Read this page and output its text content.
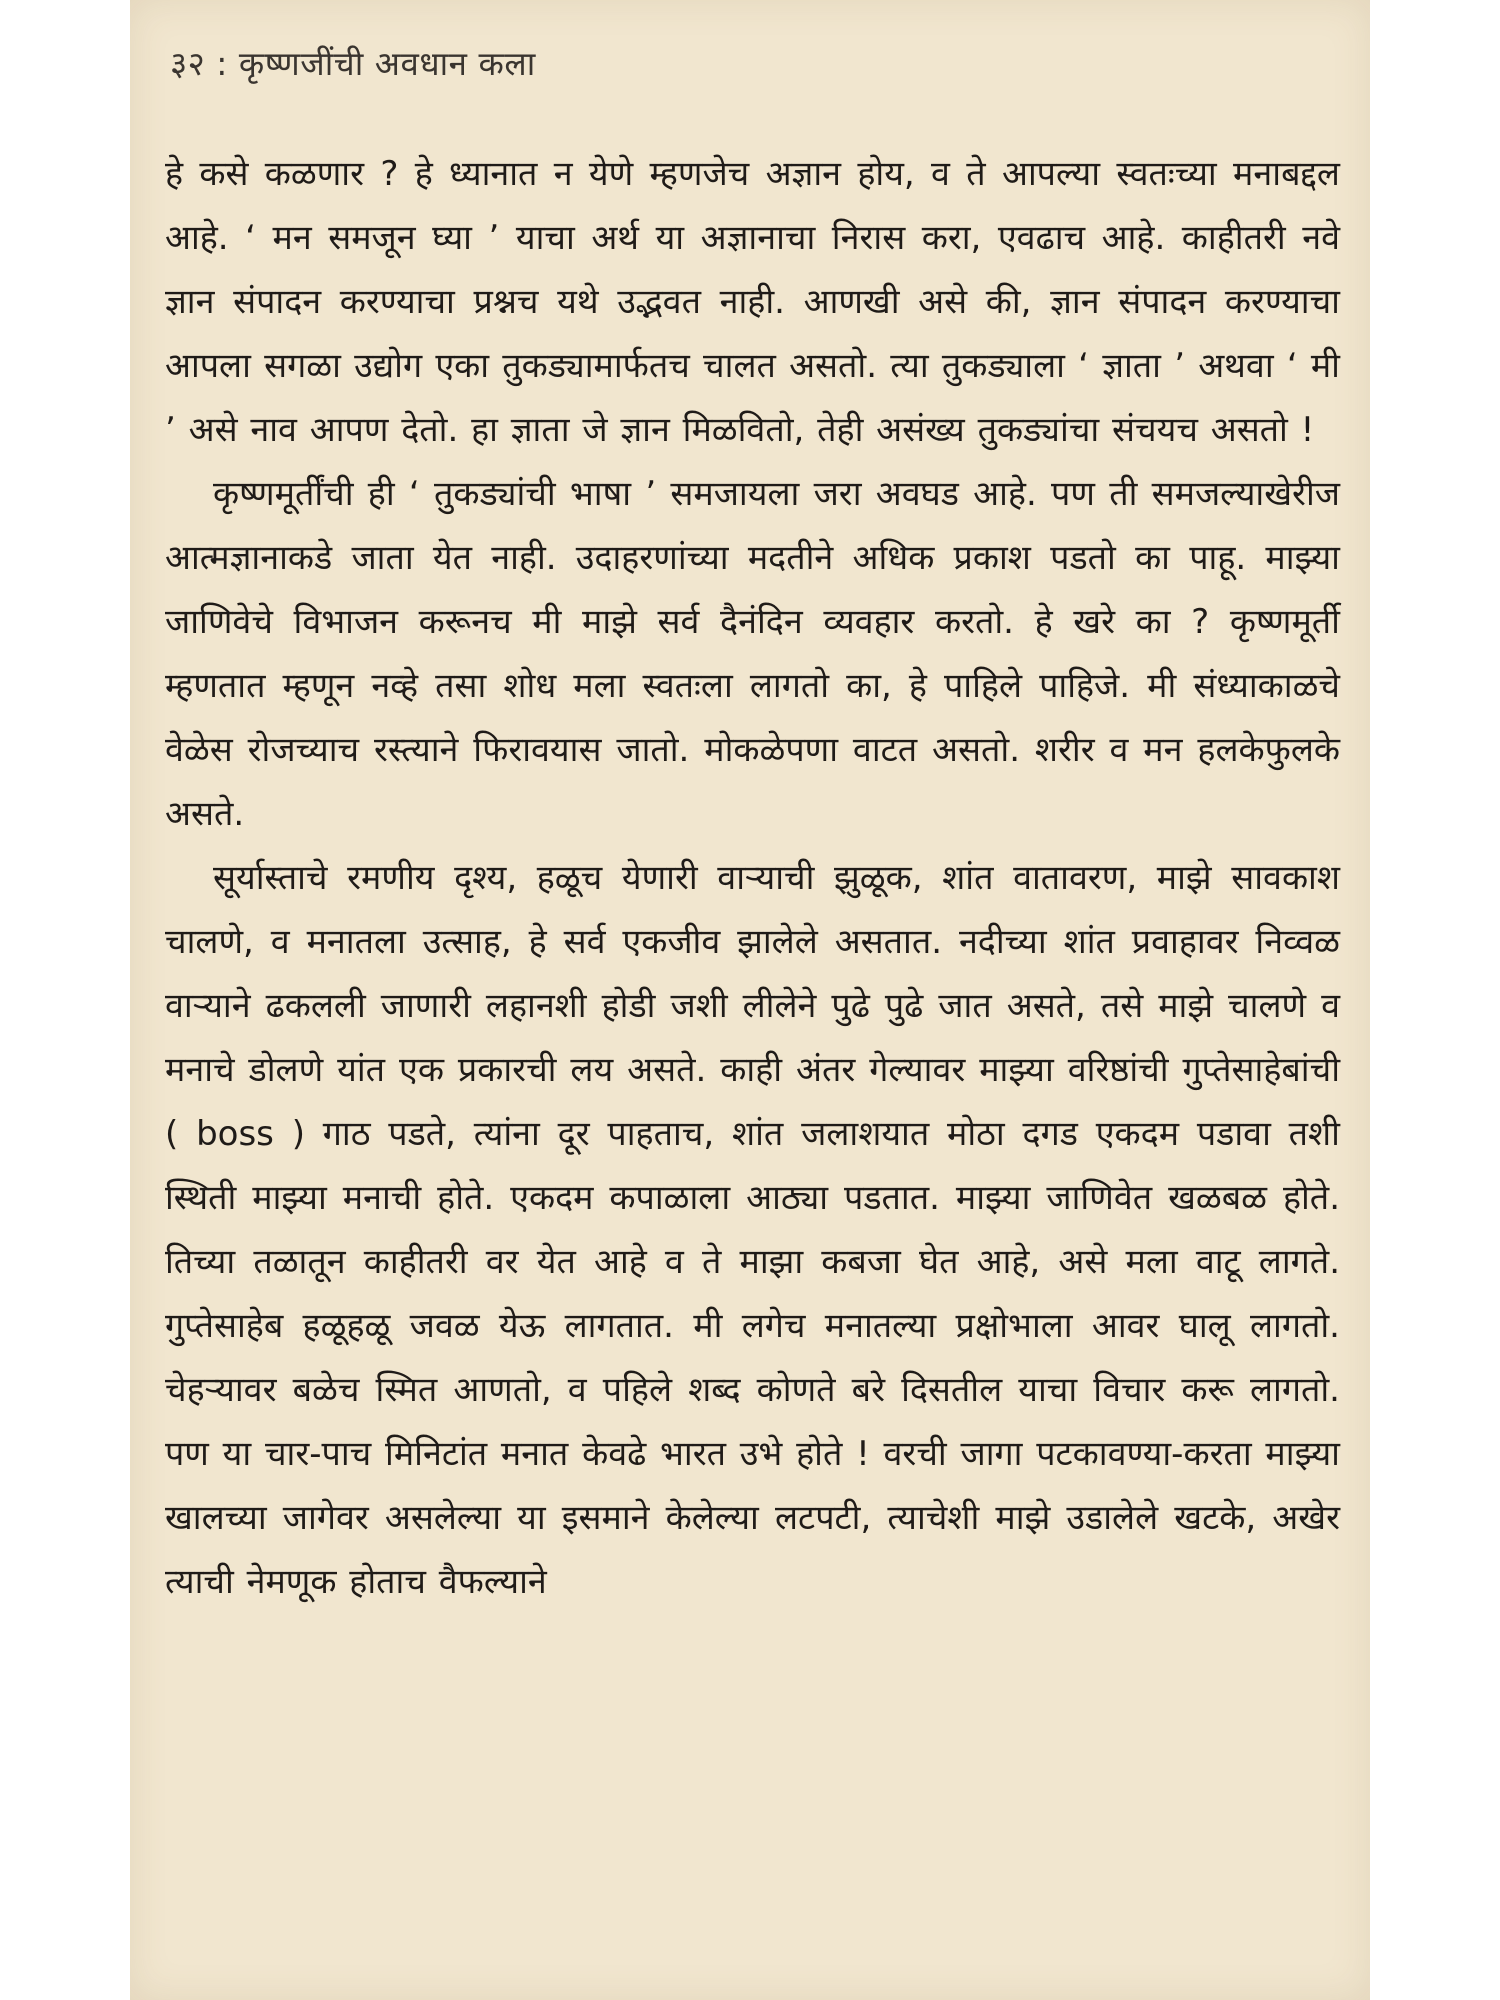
३२ : कृष्णजींची अवधान कला

हे कसे कळणार ? हे ध्यानात न येणे म्हणजेच अज्ञान होय, व ते आपल्या स्वतःच्या मनाबद्दल आहे. ‘ मन समजून घ्या ’ याचा अर्थ या अज्ञानाचा निरास करा, एवढाच आहे. काहीतरी नवे ज्ञान संपादन करण्याचा प्रश्नच यथे उद्भवत नाही. आणखी असे की, ज्ञान संपादन करण्याचा आपला सगळा उद्योग एका तुकड्यामार्फतच चालत असतो. त्या तुकड्याला ‘ ज्ञाता ’ अथवा ‘ मी ’ असे नाव आपण देतो. हा ज्ञाता जे ज्ञान मिळवितो, तेही असंख्य तुकड्यांचा संचयच असतो !

कृष्णमूर्तींची ही ‘ तुकड्यांची भाषा ’ समजायला जरा अवघड आहे. पण ती समजल्याखेरीज आत्मज्ञानाकडे जाता येत नाही. उदाहरणांच्या मदतीने अधिक प्रकाश पडतो का पाहू. माझ्या जाणिवेचे विभाजन करूनच मी माझे सर्व दैनंदिन व्यवहार करतो. हे खरे का ? कृष्णमूर्ती म्हणतात म्हणून नव्हे तसा शोध मला स्वतःला लागतो का, हे पाहिले पाहिजे. मी संध्याकाळचे वेळेस रोजच्याच रस्त्याने फिरावयास जातो. मोकळेपणा वाटत असतो. शरीर व मन हलकेफुलके असते.

सूर्यास्ताचे रमणीय दृश्य, हळूच येणारी वाऱ्याची झुळूक, शांत वातावरण, माझे सावकाश चालणे, व मनातला उत्साह, हे सर्व एकजीव झालेले असतात. नदीच्या शांत प्रवाहावर निव्वळ वाऱ्याने ढकलली जाणारी लहानशी होडी जशी लीलेने पुढे पुढे जात असते, तसे माझे चालणे व मनाचे डोलणे यांत एक प्रकारची लय असते. काही अंतर गेल्यावर माझ्या वरिष्ठांची गुप्तेसाहेबांची ( boss ) गाठ पडते, त्यांना दूर पाहताच, शांत जलाशयात मोठा दगड एकदम पडावा तशी स्थिती माझ्या मनाची होते. एकदम कपाळाला आठ्या पडतात. माझ्या जाणिवेत खळबळ होते. तिच्या तळातून काहीतरी वर येत आहे व ते माझा कबजा घेत आहे, असे मला वाटू लागते. गुप्तेसाहेब हळूहळू जवळ येऊ लागतात. मी लगेच मनातल्या प्रक्षोभाला आवर घालू लागतो. चेहऱ्यावर बळेच स्मित आणतो, व पहिले शब्द कोणते बरे दिसतील याचा विचार करू लागतो. पण या चार-पाच मिनिटांत मनात केवढे भारत उभे होते ! वरची जागा पटकावण्या-करता माझ्या खालच्या जागेवर असलेल्या या इसमाने केलेल्या लटपटी, त्याचेशी माझे उडालेले खटके, अखेर त्याची नेमणूक होताच वैफल्याने
